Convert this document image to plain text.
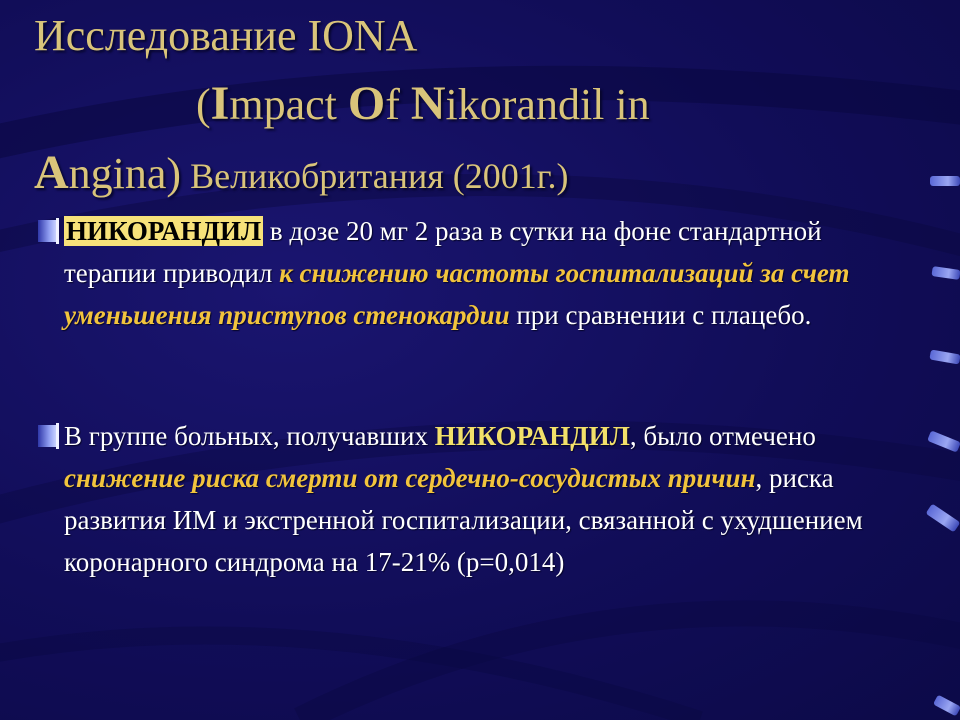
Исследование IONA
(Impact Of Nikorandil in
Angina) Великобритания (2001г.)
НИКОРАНДИЛ в дозе 20 мг 2 раза в сутки на фоне стандартной терапии приводил к снижению частоты госпитализаций за счет уменьшения приступов стенокардии при сравнении с плацебо.
В группе больных, получавших НИКОРАНДИЛ, было отмечено снижение риска смерти от сердечно-сосудистых причин, риска развития ИМ и экстренной госпитализации, связанной с ухудшением коронарного синдрома на 17-21% (р=0,014)
